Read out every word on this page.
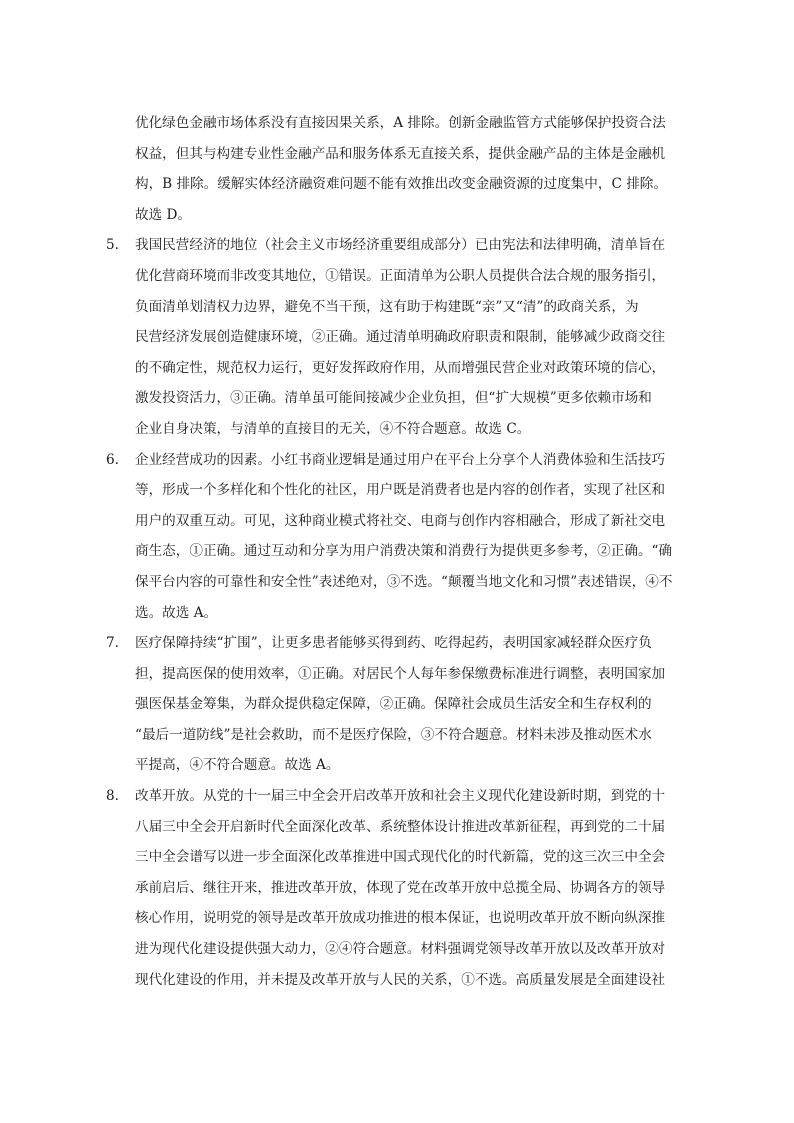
优化绿色金融市场体系没有直接因果关系，A 排除。创新金融监管方式能够保护投资合法
权益，但其与构建专业性金融产品和服务体系无直接关系，提供金融产品的主体是金融机
构，B 排除。缓解实体经济融资难问题不能有效推出改变金融资源的过度集中，C 排除。
故选 D。
5.	我国民营经济的地位（社会主义市场经济重要组成部分）已由宪法和法律明确，清单旨在
优化营商环境而非改变其地位，①错误。正面清单为公职人员提供合法合规的服务指引，
负面清单划清权力边界，避免不当干预，这有助于构建既“亲”又“清”的政商关系，为
民营经济发展创造健康环境，②正确。通过清单明确政府职责和限制，能够减少政商交往
的不确定性，规范权力运行，更好发挥政府作用，从而增强民营企业对政策环境的信心，
激发投资活力，③正确。清单虽可能间接减少企业负担，但“扩大规模”更多依赖市场和
企业自身决策，与清单的直接目的无关，④不符合题意。故选 C。
6.	企业经营成功的因素。小红书商业逻辑是通过用户在平台上分享个人消费体验和生活技巧
等，形成一个多样化和个性化的社区，用户既是消费者也是内容的创作者，实现了社区和
用户的双重互动。可见，这种商业模式将社交、电商与创作内容相融合，形成了新社交电
商生态，①正确。通过互动和分享为用户消费决策和消费行为提供更多参考，②正确。“确
保平台内容的可靠性和安全性”表述绝对，③不选。“颠覆当地文化和习惯”表述错误，④不
选。故选 A。
7.	医疗保障持续“扩围”，让更多患者能够买得到药、吃得起药，表明国家减轻群众医疗负
担，提高医保的使用效率，①正确。对居民个人每年参保缴费标准进行调整，表明国家加
强医保基金筹集，为群众提供稳定保障，②正确。保障社会成员生活安全和生存权利的
“最后一道防线”是社会救助，而不是医疗保险，③不符合题意。材料未涉及推动医术水
平提高，④不符合题意。故选 A。
8.	改革开放。从党的十一届三中全会开启改革开放和社会主义现代化建设新时期，到党的十
八届三中全会开启新时代全面深化改革、系统整体设计推进改革新征程，再到党的二十届
三中全会谱写以进一步全面深化改革推进中国式现代化的时代新篇，党的这三次三中全会
承前启后、继往开来，推进改革开放，体现了党在改革开放中总揽全局、协调各方的领导
核心作用，说明党的领导是改革开放成功推进的根本保证，也说明改革开放不断向纵深推
进为现代化建设提供强大动力，②④符合题意。材料强调党领导改革开放以及改革开放对
现代化建设的作用，并未提及改革开放与人民的关系，①不选。高质量发展是全面建设社
